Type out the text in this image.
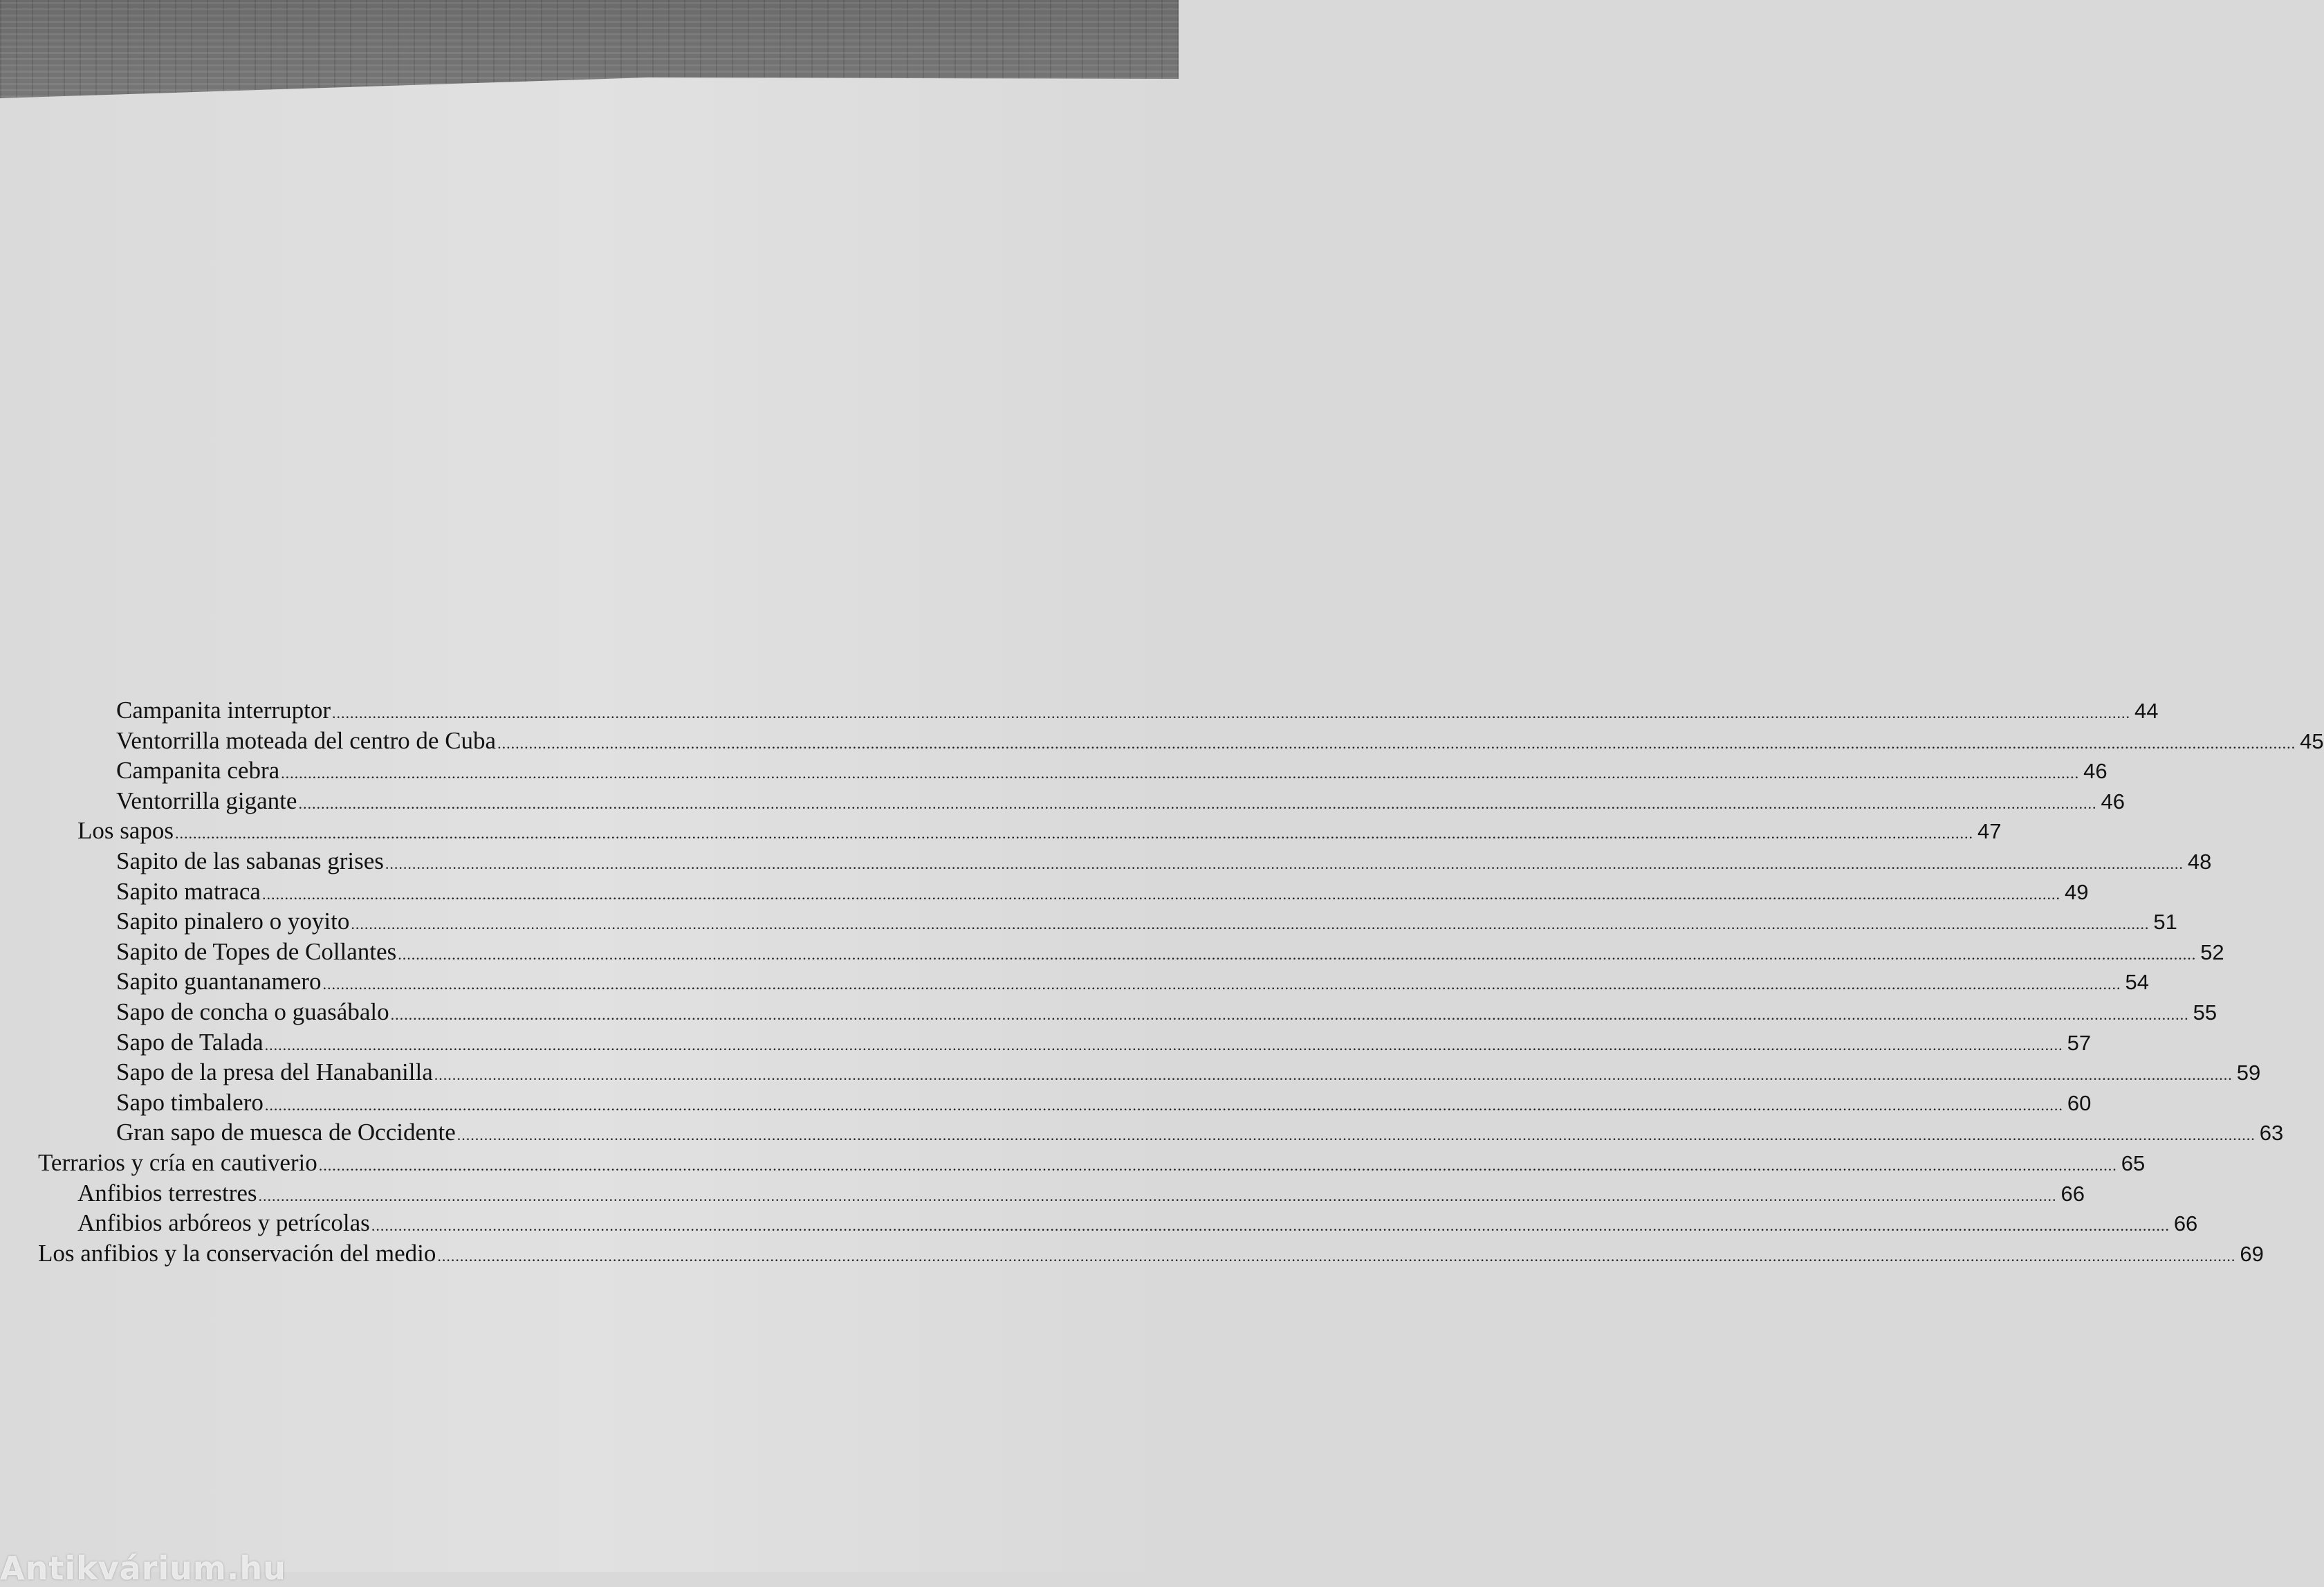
Campanita interruptor ................................................................................................................................................................................................................................................................................................................................................................................................................ 44
Ventorrilla moteada del centro de Cuba ................................................................................................................................................................................................................................................................................................................................................................................................................ 45
Campanita cebra ................................................................................................................................................................................................................................................................................................................................................................................................................ 46
Ventorrilla gigante ................................................................................................................................................................................................................................................................................................................................................................................................................ 46
Los sapos ................................................................................................................................................................................................................................................................................................................................................................................................................ 47
Sapito de las sabanas grises ................................................................................................................................................................................................................................................................................................................................................................................................................ 48
Sapito matraca ................................................................................................................................................................................................................................................................................................................................................................................................................ 49
Sapito pinalero o yoyito ................................................................................................................................................................................................................................................................................................................................................................................................................ 51
Sapito de Topes de Collantes ................................................................................................................................................................................................................................................................................................................................................................................................................ 52
Sapito guantanamero ................................................................................................................................................................................................................................................................................................................................................................................................................ 54
Sapo de concha o guasábalo ................................................................................................................................................................................................................................................................................................................................................................................................................ 55
Sapo de Talada ................................................................................................................................................................................................................................................................................................................................................................................................................ 57
Sapo de la presa del Hanabanilla ................................................................................................................................................................................................................................................................................................................................................................................................................ 59
Sapo timbalero ................................................................................................................................................................................................................................................................................................................................................................................................................ 60
Gran sapo de muesca de Occidente ................................................................................................................................................................................................................................................................................................................................................................................................................ 63
Terrarios y cría en cautiverio ................................................................................................................................................................................................................................................................................................................................................................................................................ 65
Anfibios terrestres ................................................................................................................................................................................................................................................................................................................................................................................................................ 66
Anfibios arbóreos y petrícolas ................................................................................................................................................................................................................................................................................................................................................................................................................ 66
Los anfibios y la conservación del medio ................................................................................................................................................................................................................................................................................................................................................................................................................ 69
Antikvárium.hu
